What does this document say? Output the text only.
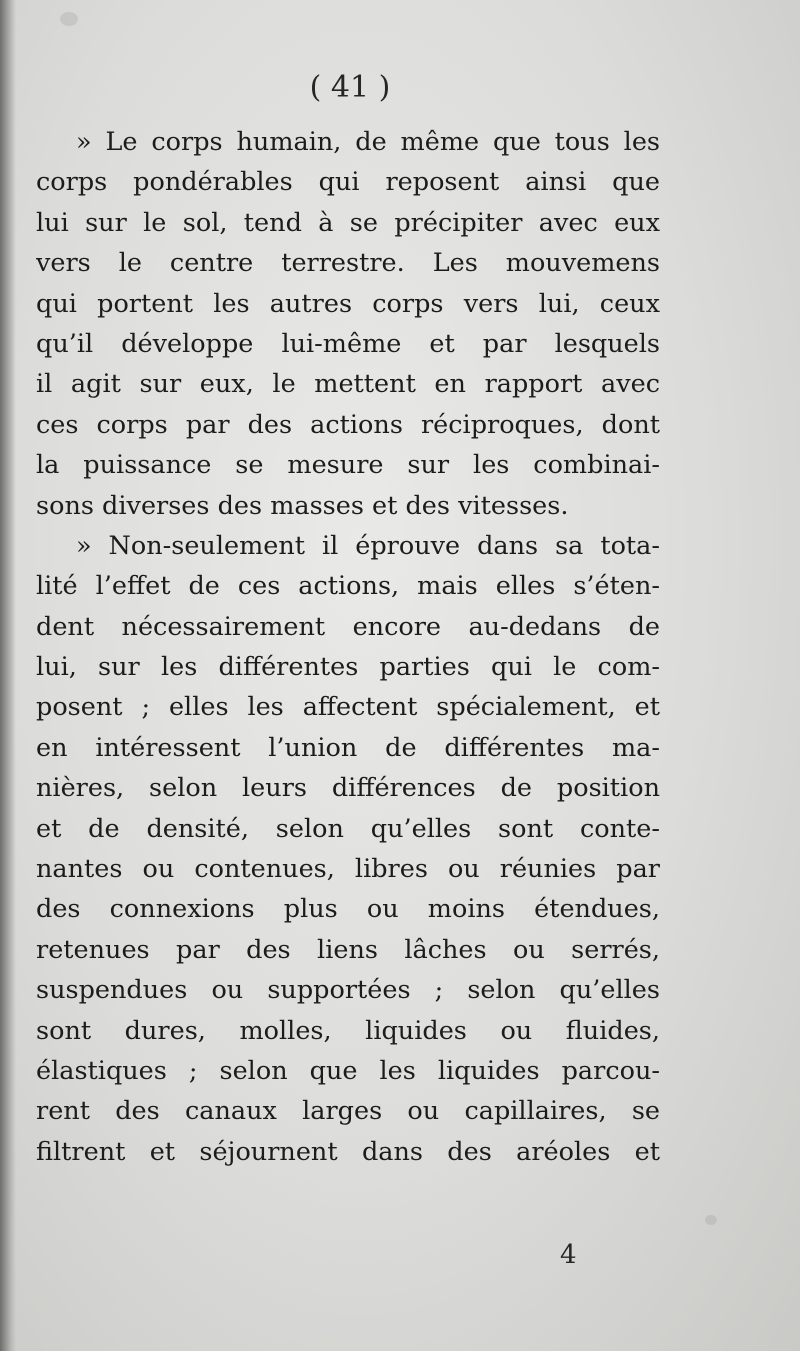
( 41 )
» Le corps humain, de même que tous les
corps pondérables qui reposent ainsi que
lui sur le sol, tend à se précipiter avec eux
vers le centre terrestre. Les mouvemens
qui portent les autres corps vers lui, ceux
qu’il développe lui-même et par lesquels
il agit sur eux, le mettent en rapport avec
ces corps par des actions réciproques, dont
la puissance se mesure sur les combinai-
sons diverses des masses et des vitesses.
» Non-seulement il éprouve dans sa tota-
lité l’effet de ces actions, mais elles s’éten-
dent nécessairement encore au-dedans de
lui, sur les différentes parties qui le com-
posent ; elles les affectent spécialement, et
en intéressent l’union de différentes ma-
nières, selon leurs différences de position
et de densité, selon qu’elles sont conte-
nantes ou contenues, libres ou réunies par
des connexions plus ou moins étendues,
retenues par des liens lâches ou serrés,
suspendues ou supportées ; selon qu’elles
sont dures, molles, liquides ou fluides,
élastiques ; selon que les liquides parcou-
rent des canaux larges ou capillaires, se
filtrent et séjournent dans des aréoles et
4
